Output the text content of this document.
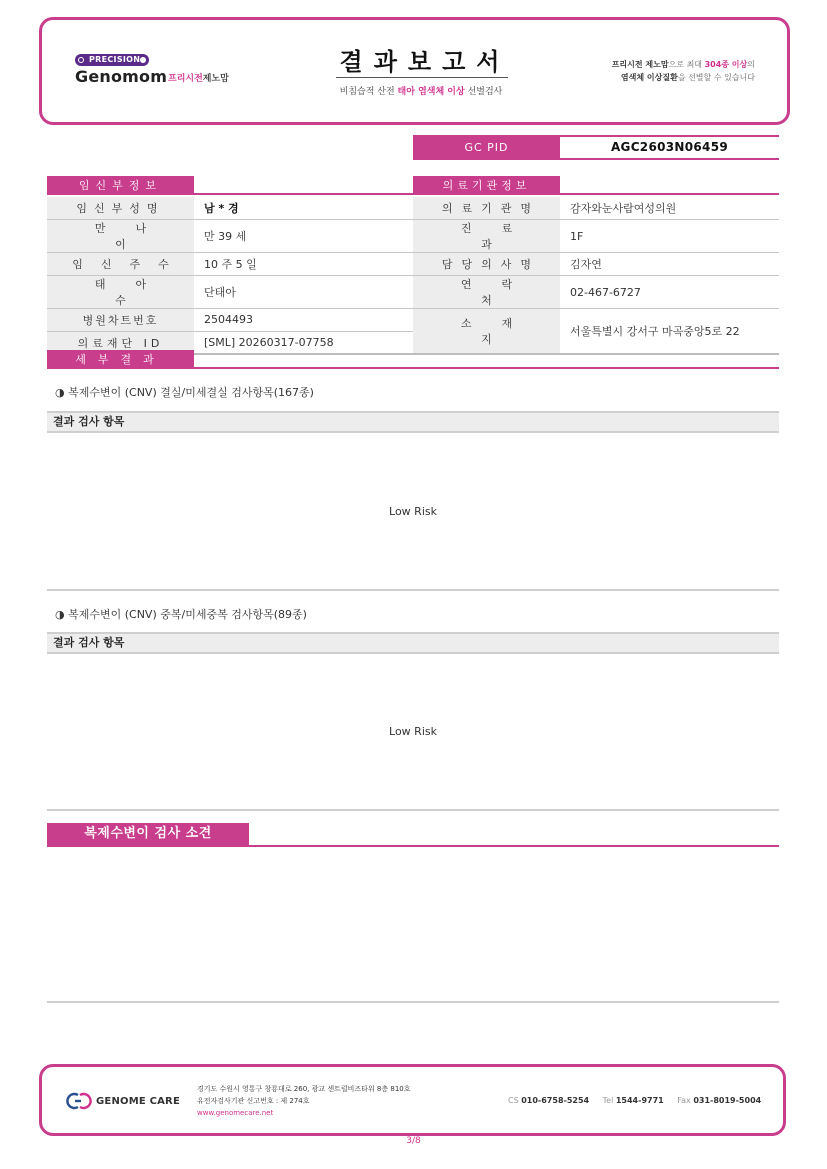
PRECISION
Genomom 프리시전제노맘
결과보고서
비침습적 산전 태아 염색체 이상 선별검사
프리시전 제노맘으로 최대 304종 이상의
염색체 이상질환을 선별할 수 있습니다
GC PID	AGC2603N06459
임신부정보	의료기관정보
임신부성명	남 * 경
만나이	만 39 세
임신주수	10 주 5 일
태아수	단태아
병원차트번호	2504493
의료재단 ID	[SML] 20260317-07758
의료기관명	감자와눈사람여성의원
진료과	1F
담당의사명	김자연
연락처	02-467-6727
소재지	서울특별시 강서구 마곡중앙5로 22
세부결과
◑ 복제수변이 (CNV) 결실/미세결실 검사항목(167종)
결과 검사 항목
Low Risk
◑ 복제수변이 (CNV) 중복/미세중복 검사항목(89종)
결과 검사 항목
Low Risk
복제수변이 검사 소견
GENOME CARE
경기도 수원시 영통구 창룡대로 260, 광교 센트럴비즈타워 8층 810호
유전자검사기관 신고번호 : 제 274호
www.genomecare.net
CS 010-6758-5254 Tel 1544-9771 Fax 031-8019-5004
3/8
